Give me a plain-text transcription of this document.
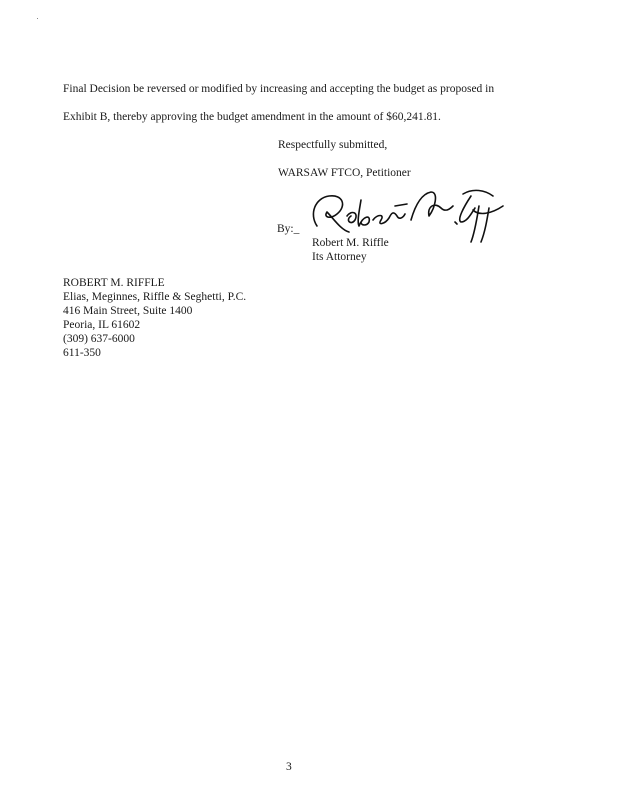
Final Decision be reversed or modified by increasing and accepting the budget as proposed in
Exhibit B, thereby approving the budget amendment in the amount of $60,241.81.
Respectfully submitted,
WARSAW FTCO, Petitioner
By:_
Robert M. Riffle
Its Attorney
ROBERT M. RIFFLE
Elias, Meginnes, Riffle & Seghetti, P.C.
416 Main Street, Suite 1400
Peoria, IL 61602
(309) 637-6000
611-350
3
